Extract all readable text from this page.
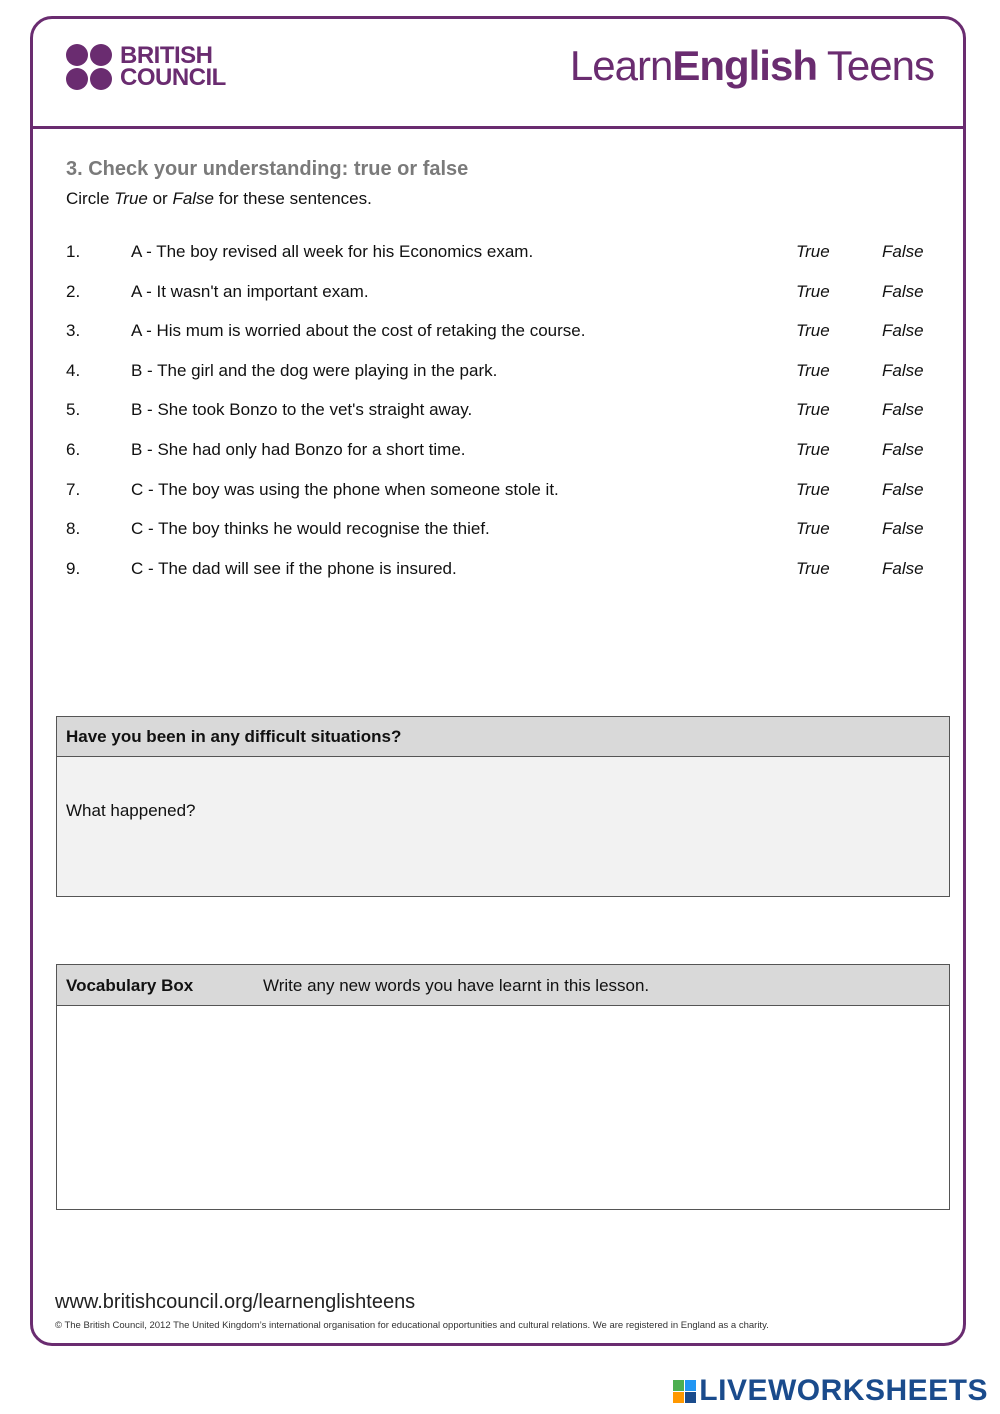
BRITISH
COUNCIL	LearnEnglish Teens
3. Check your understanding: true or false
Circle True or False for these sentences.
1.	A - The boy revised all week for his Economics exam.	True	False
2.	A - It wasn't an important exam.	True	False
3.	A - His mum is worried about the cost of retaking the course.	True	False
4.	B - The girl and the dog were playing in the park.	True	False
5.	B - She took Bonzo to the vet's straight away.	True	False
6.	B - She had only had Bonzo for a short time.	True	False
7.	C - The boy was using the phone when someone stole it.	True	False
8.	C - The boy thinks he would recognise the thief.	True	False
9.	C - The dad will see if the phone is insured.	True	False
Have you been in any difficult situations?
What happened?
Vocabulary Box	Write any new words you have learnt in this lesson.
www.britishcouncil.org/learnenglishteens
© The British Council, 2012 The United Kingdom’s international organisation for educational opportunities and cultural relations. We are registered in England as a charity.
LIVEWORKSHEETS
